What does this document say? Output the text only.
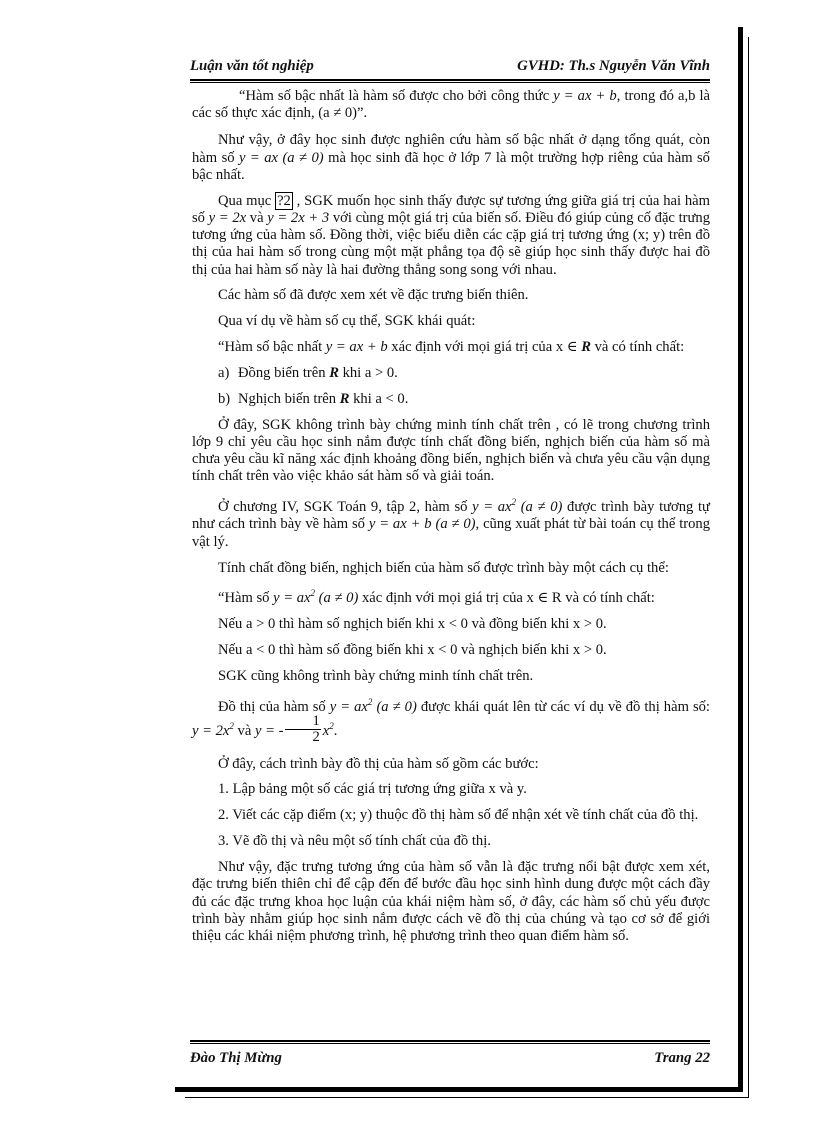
Luận văn tốt nghiệp	GVHD: Th.s Nguyễn Văn Vĩnh

“Hàm số bậc nhất là hàm số được cho bởi công thức y = ax + b, trong đó a,b là các số thực xác định, (a ≠ 0)”.

Như vậy, ở đây học sinh được nghiên cứu hàm số bậc nhất ở dạng tổng quát, còn hàm số y = ax (a ≠ 0) mà học sinh đã học ở lớp 7 là một trường hợp riêng của hàm số bậc nhất.

Qua mục ?2 , SGK muốn học sinh thấy được sự tương ứng giữa giá trị của hai hàm số y = 2x và y = 2x + 3 với cùng một giá trị của biến số. Điều đó giúp củng cố đặc trưng tương ứng của hàm số. Đồng thời, việc biểu diễn các cặp giá trị tương ứng (x; y) trên đồ thị của hai hàm số trong cùng một mặt phẳng tọa độ sẽ giúp học sinh thấy được hai đồ thị của hai hàm số này là hai đường thẳng song song với nhau.

Các hàm số đã được xem xét về đặc trưng biến thiên.

Qua ví dụ về hàm số cụ thể, SGK khái quát:

“Hàm số bậc nhất y = ax + b xác định với mọi giá trị của x ∈ R và có tính chất:

a) Đồng biến trên R khi a > 0.

b) Nghịch biến trên R khi a < 0.

Ở đây, SGK không trình bày chứng minh tính chất trên , có lẽ trong chương trình lớp 9 chỉ yêu cầu học sinh nắm được tính chất đồng biến, nghịch biến của hàm số mà chưa yêu cầu kĩ năng xác định khoảng đồng biến, nghịch biến và chưa yêu cầu vận dụng tính chất trên vào việc khảo sát hàm số và giải toán.

Ở chương IV, SGK Toán 9, tập 2, hàm số $y = ax^2$ (a ≠ 0) được trình bày tương tự như cách trình bày về hàm số y = ax + b (a ≠ 0), cũng xuất phát từ bài toán cụ thể trong vật lý.

Tính chất đồng biến, nghịch biến của hàm số được trình bày một cách cụ thể:

“Hàm số $y = ax^2$ (a ≠ 0) xác định với mọi giá trị của x ∈ R và có tính chất:

Nếu a > 0 thì hàm số nghịch biến khi x < 0 và đồng biến khi x > 0.

Nếu a < 0 thì hàm số đồng biến khi x < 0 và nghịch biến khi x > 0.

SGK cũng không trình bày chứng minh tính chất trên.

Đồ thị của hàm số $y = ax^2$ (a ≠ 0) được khái quát lên từ các ví dụ về đồ thị hàm số: $y = 2x^2$ và y = - $\frac{1}{2} x^2$.

Ở đây, cách trình bày đồ thị của hàm số gồm các bước:

1. Lập bảng một số các giá trị tương ứng giữa x và y.

2. Viết các cặp điểm (x; y) thuộc đồ thị hàm số để nhận xét về tính chất của đồ thị.

3. Vẽ đồ thị và nêu một số tính chất của đồ thị.

Như vậy, đặc trưng tương ứng của hàm số vẫn là đặc trưng nổi bật được xem xét, đặc trưng biến thiên chỉ để cập đến để bước đầu học sinh hình dung được một cách đầy đủ các đặc trưng khoa học luận của khái niệm hàm số, ở đây, các hàm số chủ yếu được trình bày nhằm giúp học sinh nắm được cách vẽ đồ thị của chúng và tạo cơ sở để giới thiệu các khái niệm phương trình, hệ phương trình theo quan điểm hàm số.

Đào Thị Mừng	Trang 22
